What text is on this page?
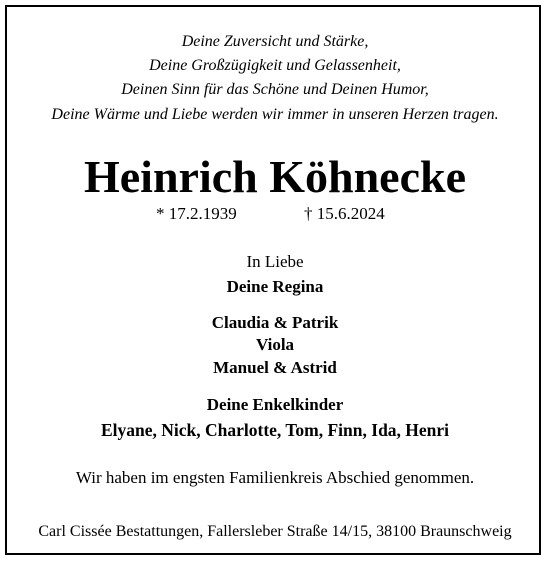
Deine Zuversicht und Stärke,
Deine Großzügigkeit und Gelassenheit,
Deinen Sinn für das Schöne und Deinen Humor,
Deine Wärme und Liebe werden wir immer in unseren Herzen tragen.
Heinrich Köhnecke
* 17.2.1939	† 15.6.2024
In Liebe
Deine Regina
Claudia & Patrik
Viola
Manuel & Astrid
Deine Enkelkinder
Elyane, Nick, Charlotte, Tom, Finn, Ida, Henri
Wir haben im engsten Familienkreis Abschied genommen.
Carl Cissée Bestattungen, Fallersleber Straße 14/15, 38100 Braunschweig
